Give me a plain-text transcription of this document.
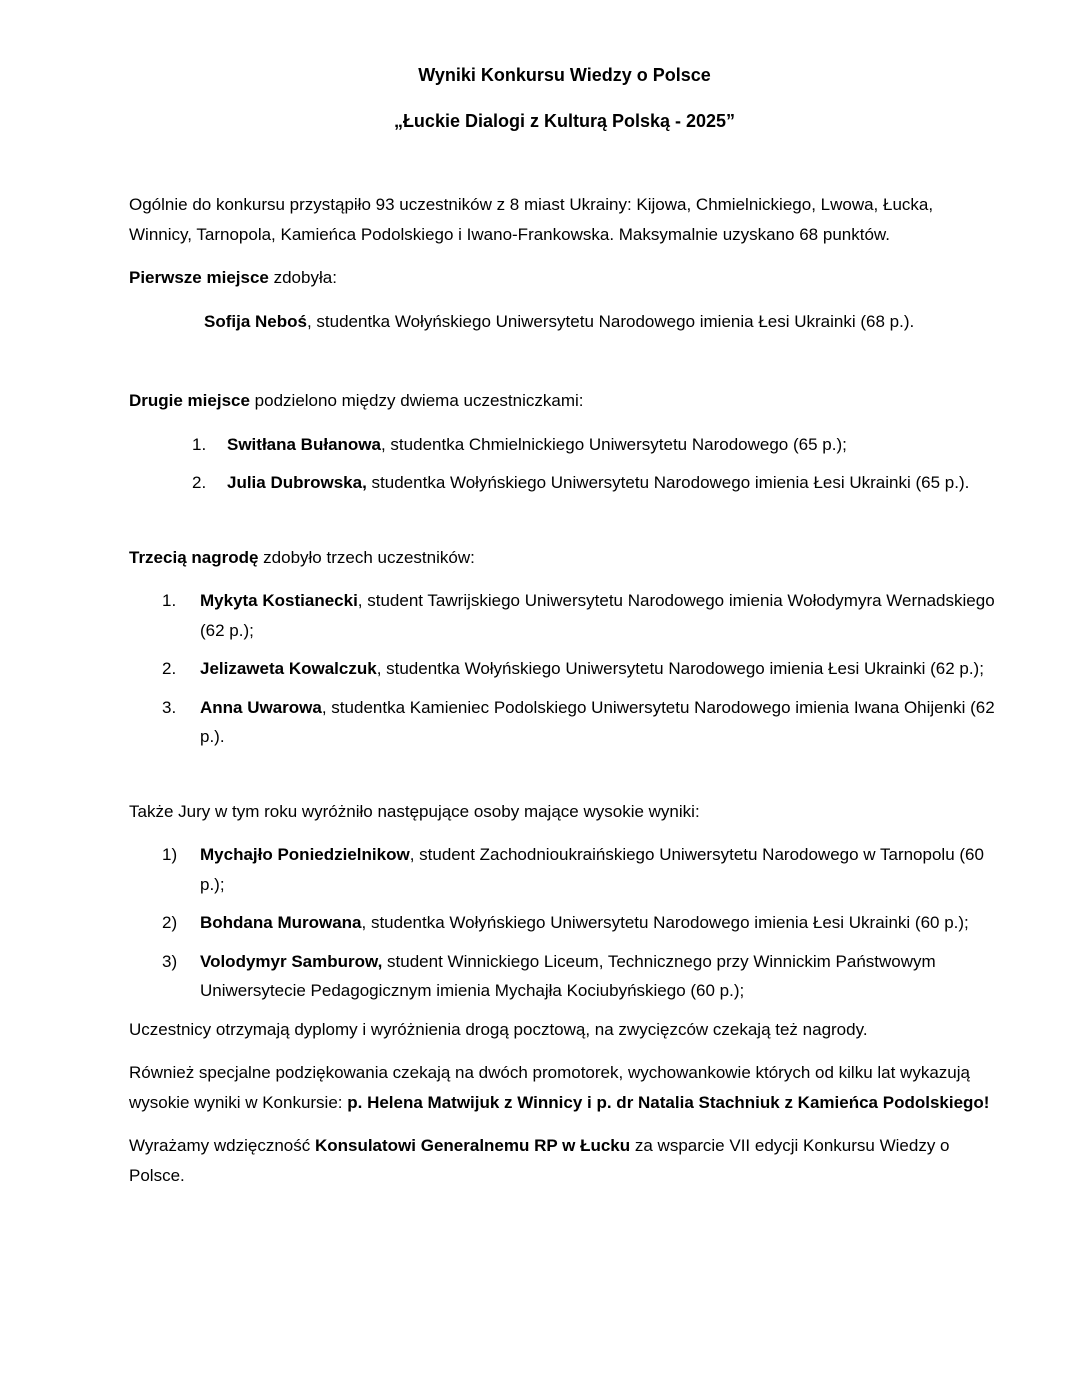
Wyniki Konkursu Wiedzy o Polsce
„Łuckie Dialogi z Kulturą Polską - 2025”
Ogólnie do konkursu przystąpiło 93 uczestników z 8 miast Ukrainy: Kijowa, Chmielnickiego, Lwowa, Łucka, Winnicy, Tarnopola, Kamieńca Podolskiego i Iwano-Frankowska. Maksymalnie uzyskano 68 punktów.
Pierwsze miejsce zdobyła:
Sofija Neboś, studentka Wołyńskiego Uniwersytetu Narodowego imienia Łesi Ukrainki (68 p.).
Drugie miejsce podzielono między dwiema uczestniczkami:
1.	Switłana Bułanowa, studentka Chmielnickiego Uniwersytetu Narodowego (65 p.);
2.	Julia Dubrowska, studentka Wołyńskiego Uniwersytetu Narodowego imienia Łesi Ukrainki (65 p.).
Trzecią nagrodę zdobyło trzech uczestników:
1.	Mykyta Kostianecki, student Tawrijskiego Uniwersytetu Narodowego imienia Wołodymyra Wernadskiego (62 p.);
2.	Jelizaweta Kowalczuk, studentka Wołyńskiego Uniwersytetu Narodowego imienia Łesi Ukrainki (62 p.);
3.	Anna Uwarowa, studentka Kamieniec Podolskiego Uniwersytetu Narodowego imienia Iwana Ohijenki (62 p.).
Także Jury w tym roku wyróżniło następujące osoby mające wysokie wyniki:
1)	Mychajło Poniedzielnikow, student Zachodnioukraińskiego Uniwersytetu Narodowego w Tarnopolu (60 p.);
2)	Bohdana Murowana, studentka Wołyńskiego Uniwersytetu Narodowego imienia Łesi Ukrainki (60 p.);
3)	Volodymyr Samburow, student Winnickiego Liceum, Technicznego przy Winnickim Państwowym Uniwersytecie Pedagogicznym imienia Mychajła Kociubyńskiego (60 p.);
Uczestnicy otrzymają dyplomy i wyróżnienia drogą pocztową, na zwycięzców czekają też nagrody.
Również specjalne podziękowania czekają na dwóch promotorek, wychowankowie których od kilku lat wykazują wysokie wyniki w Konkursie: p. Helena Matwijuk z Winnicy i p. dr Natalia Stachniuk z Kamieńca Podolskiego!
Wyrażamy wdzięczność Konsulatowi Generalnemu RP w Łucku za wsparcie VII edycji Konkursu Wiedzy o Polsce.
